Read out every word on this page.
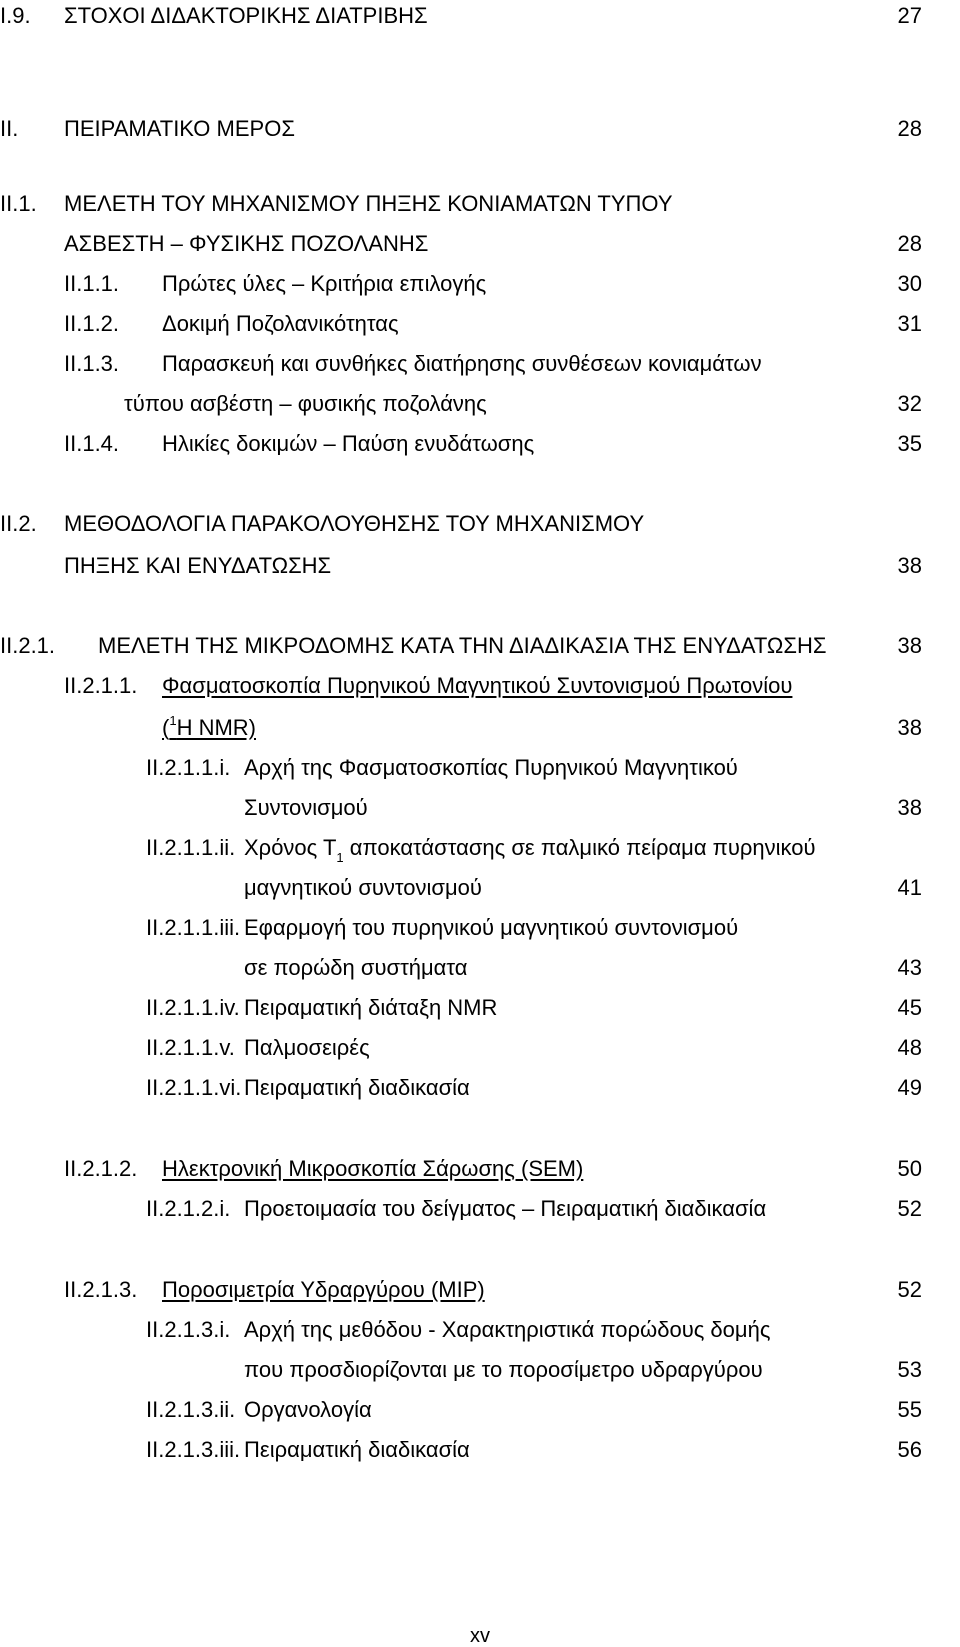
Ι.9. ΣΤΟΧΟΙ ΔΙΔΑΚΤΟΡΙΚΗΣ ΔΙΑΤΡΙΒΗΣ	27
ΙΙ. ΠΕΙΡΑΜΑΤΙΚΟ ΜΕΡΟΣ	28
ΙΙ.1. ΜΕΛΕΤΗ ΤΟΥ ΜΗΧΑΝΙΣΜΟΥ ΠΗΞΗΣ ΚΟΝΙΑΜΑΤΩΝ ΤΥΠΟΥ
ΑΣΒΕΣΤΗ – ΦΥΣΙΚΗΣ ΠΟΖΟΛΑΝΗΣ	28
ΙΙ.1.1. Πρώτες ύλες – Κριτήρια επιλογής	30
ΙΙ.1.2. Δοκιμή Ποζολανικότητας	31
ΙΙ.1.3. Παρασκευή και συνθήκες διατήρησης συνθέσεων κονιαμάτων
τύπου ασβέστη – φυσικής ποζολάνης	32
ΙΙ.1.4. Ηλικίες δοκιμών – Παύση ενυδάτωσης	35
ΙΙ.2. ΜΕΘΟΔΟΛΟΓΙΑ ΠΑΡΑΚΟΛΟΥΘΗΣΗΣ ΤΟΥ ΜΗΧΑΝΙΣΜΟΥ
ΠΗΞΗΣ ΚΑΙ ΕΝΥΔΑΤΩΣΗΣ	38
ΙΙ.2.1. ΜΕΛΕΤΗ ΤΗΣ ΜΙΚΡΟΔΟΜΗΣ ΚΑΤΑ ΤΗΝ ΔΙΑΔΙΚΑΣΙΑ ΤΗΣ ΕΝΥΔΑΤΩΣΗΣ	38
ΙΙ.2.1.1. Φασματοσκοπία Πυρηνικού Μαγνητικού Συντονισμού Πρωτονίου
($^1$Η NMR)	38
ΙΙ.2.1.1.i. Αρχή της Φασματοσκοπίας Πυρηνικού Μαγνητικού
Συντονισμού	38
ΙΙ.2.1.1.ii. Χρόνος $T_1$ αποκατάστασης σε παλμικό πείραμα πυρηνικού
μαγνητικού συντονισμού	41
ΙΙ.2.1.1.iii. Εφαρμογή του πυρηνικού μαγνητικού συντονισμού
σε πορώδη συστήματα	43
ΙΙ.2.1.1.iv. Πειραματική διάταξη NMR	45
ΙΙ.2.1.1.v. Παλμοσειρές	48
ΙΙ.2.1.1.vi. Πειραματική διαδικασία	49
ΙΙ.2.1.2. Ηλεκτρονική Μικροσκοπία Σάρωσης (SEM)	50
ΙΙ.2.1.2.i. Προετοιμασία του δείγματος – Πειραματική διαδικασία	52
ΙΙ.2.1.3. Ποροσιμετρία Υδραργύρου (MIP)	52
ΙΙ.2.1.3.i. Αρχή της μεθόδου - Χαρακτηριστικά πορώδους δομής
που προσδιορίζονται με το ποροσίμετρο υδραργύρου	53
ΙΙ.2.1.3.ii. Οργανολογία	55
ΙΙ.2.1.3.iii. Πειραματική διαδικασία	56
xv
